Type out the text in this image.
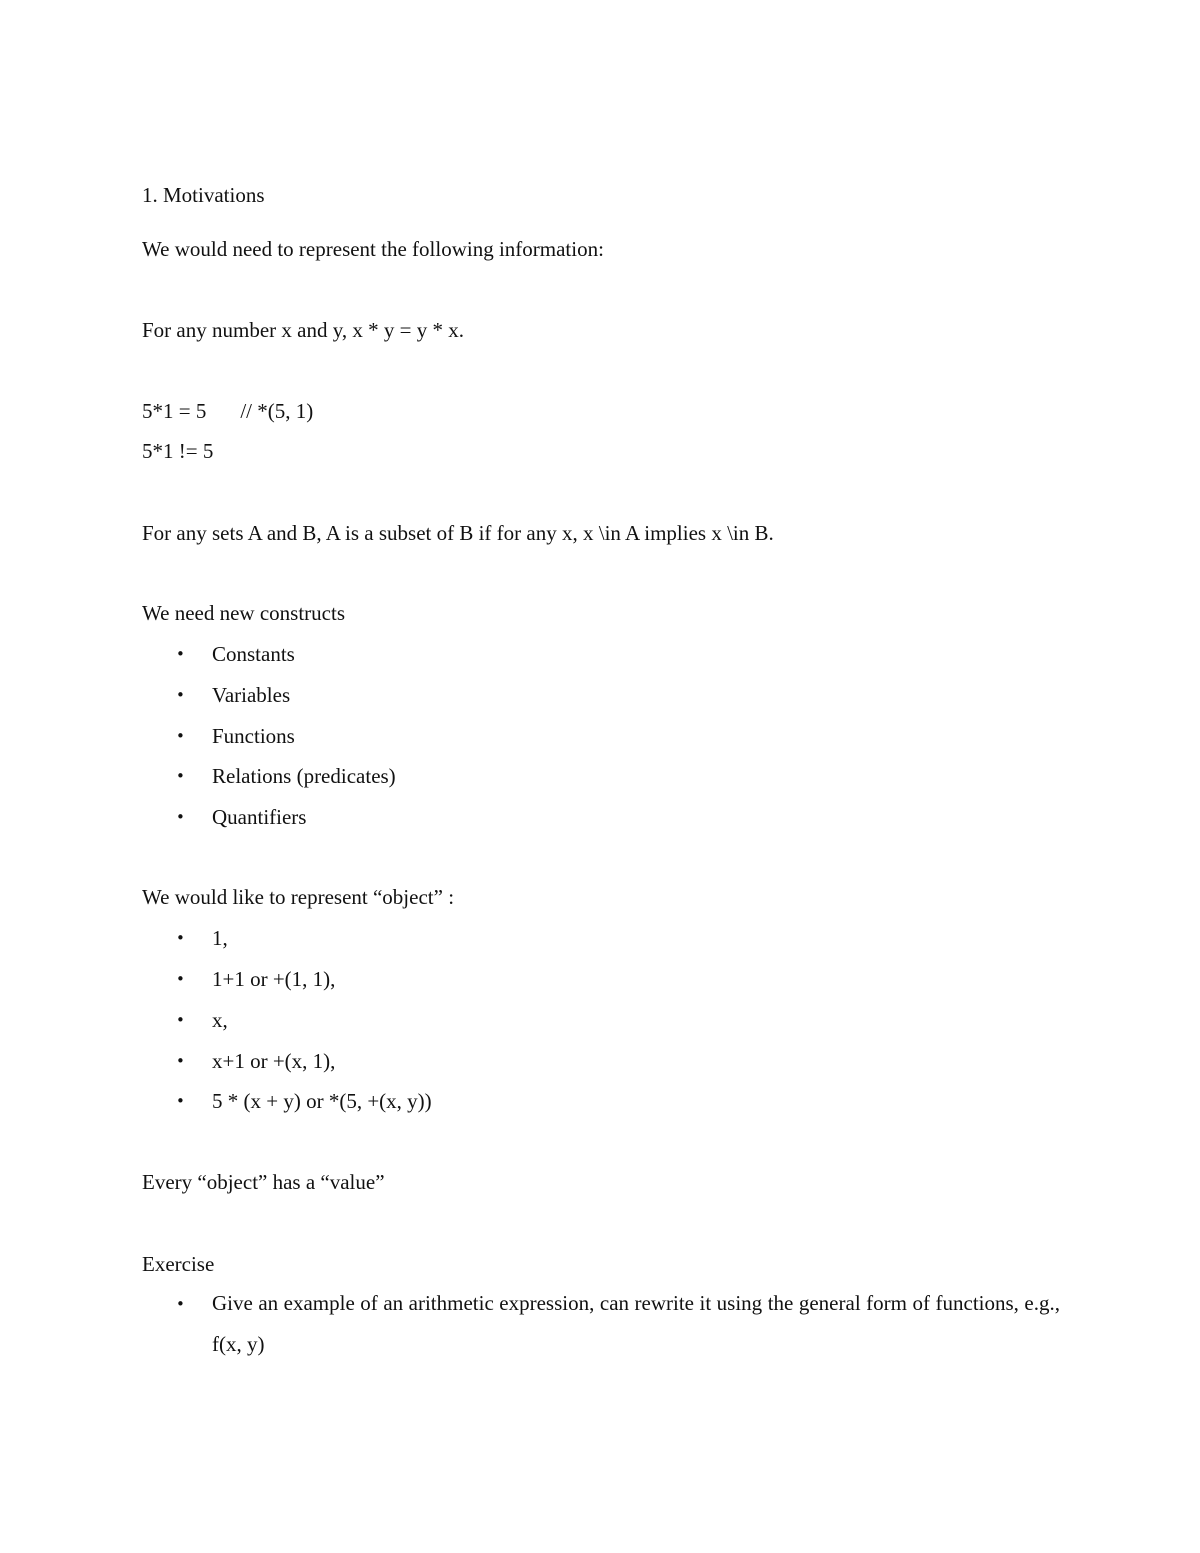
1. Motivations
We would need to represent the following information:
For any number x and y, x * y = y * x.
5*1 = 5 // *(5, 1)
5*1 != 5
For any sets A and B, A is a subset of B if for any x, x \in A implies x \in B.
We need new constructs
•	Constants
•	Variables
•	Functions
•	Relations (predicates)
•	Quantifiers
We would like to represent “object” :
•	1,
•	1+1 or +(1, 1),
•	x,
•	x+1 or +(x, 1),
•	5 * (x + y) or *(5, +(x, y))
Every “object” has a “value”
Exercise
•	Give an example of an arithmetic expression, can rewrite it using the general form of functions, e.g., f(x, y)
